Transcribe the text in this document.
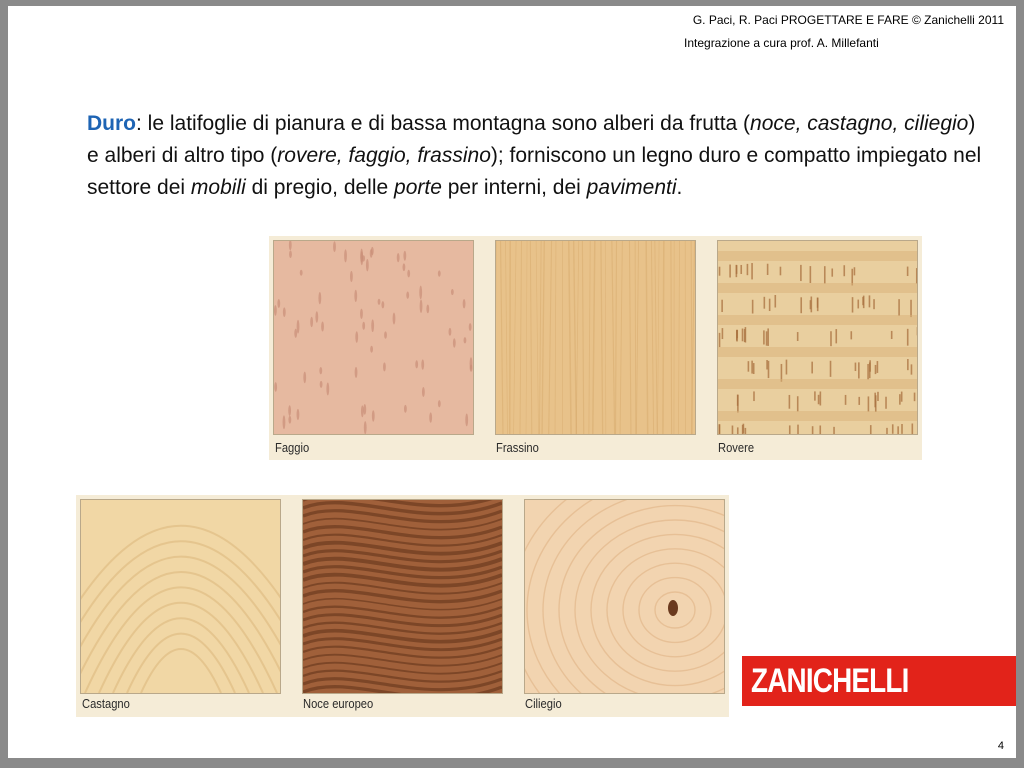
G. Paci, R. Paci PROGETTARE E FARE © Zanichelli 2011
Integrazione a cura prof. A. Millefanti
Duro: le latifoglie di pianura e di bassa montagna sono alberi da frutta (noce, castagno, ciliegio) e alberi di altro tipo (rovere, faggio, frassino); forniscono un legno duro e compatto impiegato nel settore dei mobili di pregio, delle porte per interni, dei pavimenti.
Faggio	Frassino	Rovere
Castagno	Noce europeo	Ciliegio
ZANICHELLI
4
